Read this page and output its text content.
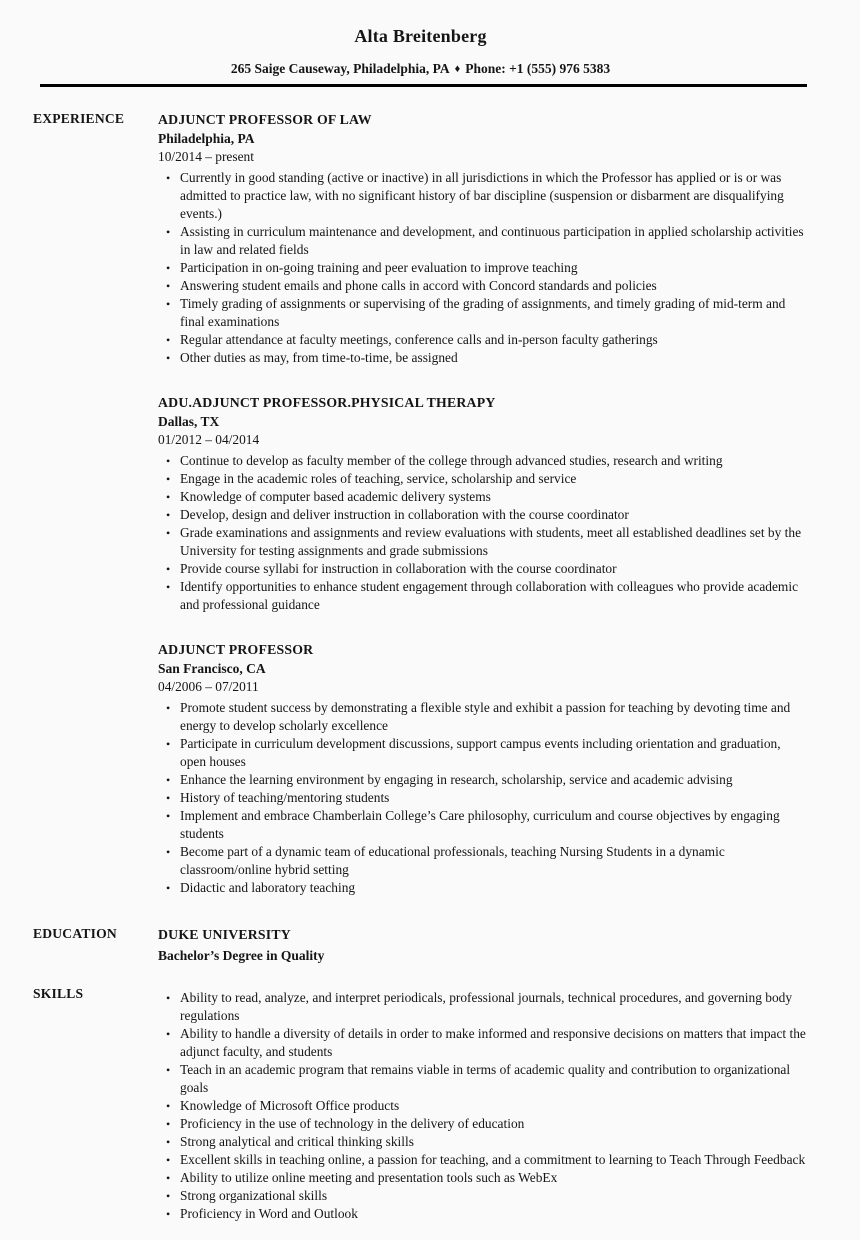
Alta Breitenberg
265 Saige Causeway, Philadelphia, PA ♦ Phone: +1 (555) 976 5383
EXPERIENCE	ADJUNCT PROFESSOR OF LAW
Philadelphia, PA
10/2014 – present
• Currently in good standing (active or inactive) in all jurisdictions in which the Professor has applied or is or was admitted to practice law, with no significant history of bar discipline (suspension or disbarment are disqualifying events.)
• Assisting in curriculum maintenance and development, and continuous participation in applied scholarship activities in law and related fields
• Participation in on-going training and peer evaluation to improve teaching
• Answering student emails and phone calls in accord with Concord standards and policies
• Timely grading of assignments or supervising of the grading of assignments, and timely grading of mid-term and final examinations
• Regular attendance at faculty meetings, conference calls and in-person faculty gatherings
• Other duties as may, from time-to-time, be assigned
ADU.ADJUNCT PROFESSOR.PHYSICAL THERAPY
Dallas, TX
01/2012 – 04/2014
• Continue to develop as faculty member of the college through advanced studies, research and writing
• Engage in the academic roles of teaching, service, scholarship and service
• Knowledge of computer based academic delivery systems
• Develop, design and deliver instruction in collaboration with the course coordinator
• Grade examinations and assignments and review evaluations with students, meet all established deadlines set by the University for testing assignments and grade submissions
• Provide course syllabi for instruction in collaboration with the course coordinator
• Identify opportunities to enhance student engagement through collaboration with colleagues who provide academic and professional guidance
ADJUNCT PROFESSOR
San Francisco, CA
04/2006 – 07/2011
• Promote student success by demonstrating a flexible style and exhibit a passion for teaching by devoting time and energy to develop scholarly excellence
• Participate in curriculum development discussions, support campus events including orientation and graduation, open houses
• Enhance the learning environment by engaging in research, scholarship, service and academic advising
• History of teaching/mentoring students
• Implement and embrace Chamberlain College’s Care philosophy, curriculum and course objectives by engaging students
• Become part of a dynamic team of educational professionals, teaching Nursing Students in a dynamic classroom/online hybrid setting
• Didactic and laboratory teaching
EDUCATION	DUKE UNIVERSITY
Bachelor’s Degree in Quality
SKILLS	• Ability to read, analyze, and interpret periodicals, professional journals, technical procedures, and governing body regulations
• Ability to handle a diversity of details in order to make informed and responsive decisions on matters that impact the adjunct faculty, and students
• Teach in an academic program that remains viable in terms of academic quality and contribution to organizational goals
• Knowledge of Microsoft Office products
• Proficiency in the use of technology in the delivery of education
• Strong analytical and critical thinking skills
• Excellent skills in teaching online, a passion for teaching, and a commitment to learning to Teach Through Feedback
• Ability to utilize online meeting and presentation tools such as WebEx
• Strong organizational skills
• Proficiency in Word and Outlook
